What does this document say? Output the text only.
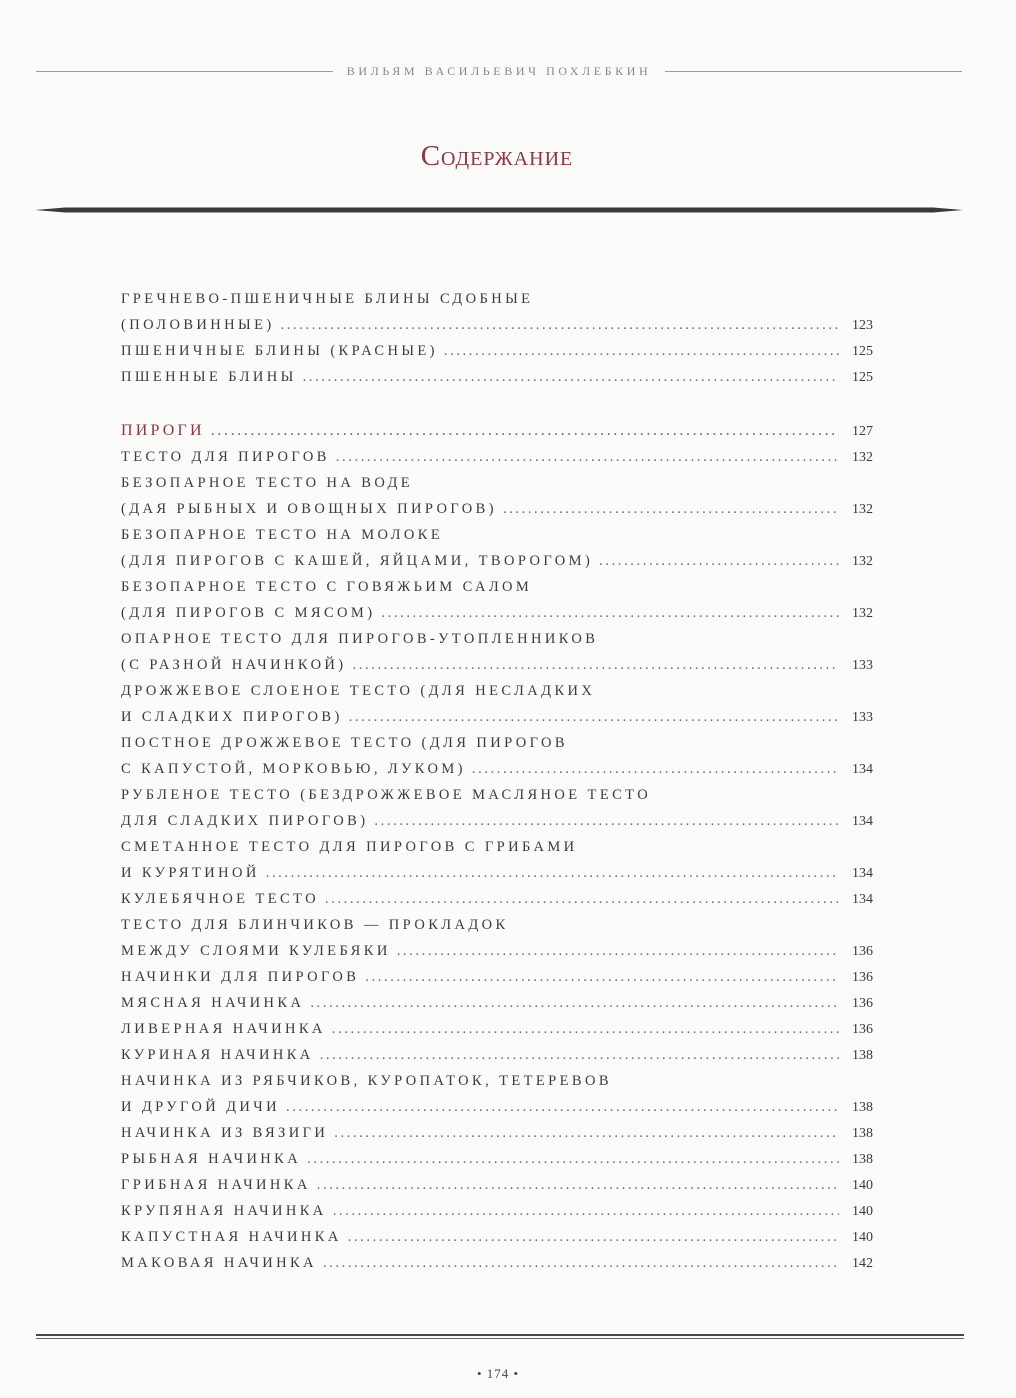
ВИЛЬЯМ ВАСИЛЬЕВИЧ ПОХЛЕБКИН
Содержание
ГРЕЧНЕВО-ПШЕНИЧНЫЕ БЛИНЫ СДОБНЫЕ
(ПОЛОВИННЫЕ) .....	123
ПШЕНИЧНЫЕ БЛИНЫ (КРАСНЫЕ) .....	125
ПШЕННЫЕ БЛИНЫ .....	125
ПИРОГИ .....	127
ТЕСТО ДЛЯ ПИРОГОВ .....	132
БЕЗОПАРНОЕ ТЕСТО НА ВОДЕ
(ДАЯ РЫБНЫХ И ОВОЩНЫХ ПИРОГОВ) .....	132
БЕЗОПАРНОЕ ТЕСТО НА МОЛОКЕ
(ДЛЯ ПИРОГОВ С КАШЕЙ, ЯЙЦАМИ, ТВОРОГОМ) .....	132
БЕЗОПАРНОЕ ТЕСТО С ГОВЯЖЬИМ САЛОМ
(ДЛЯ ПИРОГОВ С МЯСОМ) .....	132
ОПАРНОЕ ТЕСТО ДЛЯ ПИРОГОВ-УТОПЛЕННИКОВ
(С РАЗНОЙ НАЧИНКОЙ) .....	133
ДРОЖЖЕВОЕ СЛОЕНОЕ ТЕСТО (ДЛЯ НЕСЛАДКИХ
И СЛАДКИХ ПИРОГОВ) .....	133
ПОСТНОЕ ДРОЖЖЕВОЕ ТЕСТО (ДЛЯ ПИРОГОВ
С КАПУСТОЙ, МОРКОВЬЮ, ЛУКОМ) .....	134
РУБЛЕНОЕ ТЕСТО (БЕЗДРОЖЖЕВОЕ МАСЛЯНОЕ ТЕСТО
ДЛЯ СЛАДКИХ ПИРОГОВ) .....	134
СМЕТАННОЕ ТЕСТО ДЛЯ ПИРОГОВ С ГРИБАМИ
И КУРЯТИНОЙ .....	134
КУЛЕБЯЧНОЕ ТЕСТО .....	134
ТЕСТО ДЛЯ БЛИНЧИКОВ — ПРОКЛАДОК
МЕЖДУ СЛОЯМИ КУЛЕБЯКИ .....	136
НАЧИНКИ ДЛЯ ПИРОГОВ .....	136
МЯСНАЯ НАЧИНКА .....	136
ЛИВЕРНАЯ НАЧИНКА .....	136
КУРИНАЯ НАЧИНКА .....	138
НАЧИНКА ИЗ РЯБЧИКОВ, КУРОПАТОК, ТЕТЕРЕВОВ
И ДРУГОЙ ДИЧИ .....	138
НАЧИНКА ИЗ ВЯЗИГИ .....	138
РЫБНАЯ НАЧИНКА .....	138
ГРИБНАЯ НАЧИНКА .....	140
КРУПЯНАЯ НАЧИНКА .....	140
КАПУСТНАЯ НАЧИНКА .....	140
МАКОВАЯ НАЧИНКА .....	142
• 174 •
